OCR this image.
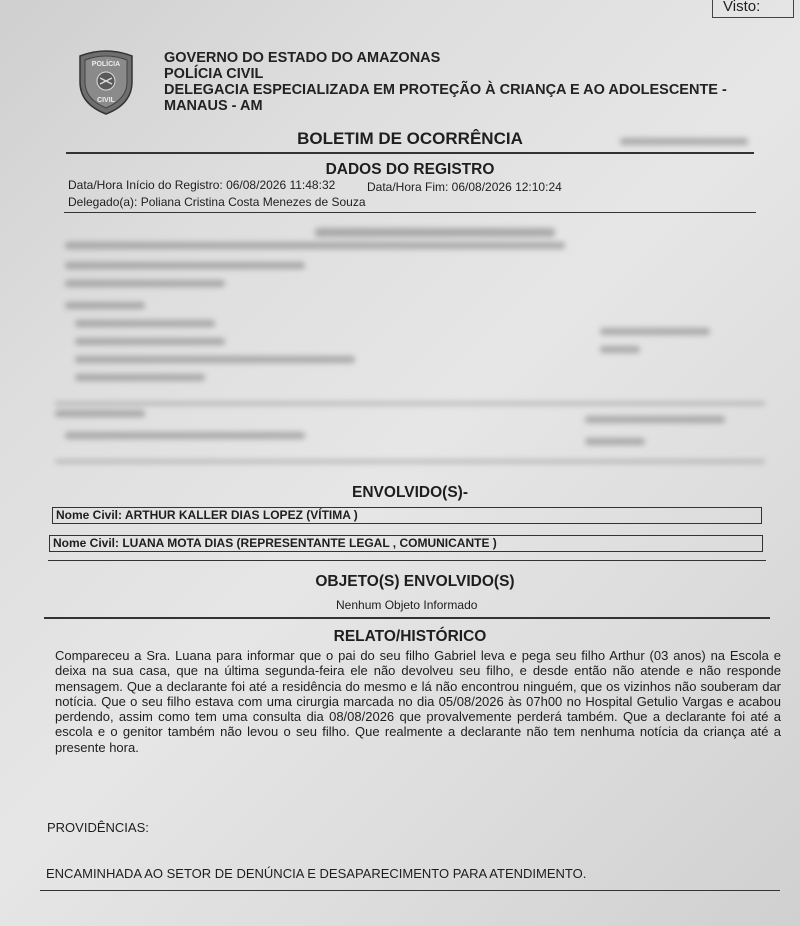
Visto:
POLÍCIA
CIVIL
GOVERNO DO ESTADO DO AMAZONAS
POLÍCIA CIVIL
DELEGACIA ESPECIALIZADA EM PROTEÇÃO À CRIANÇA E AO ADOLESCENTE -
MANAUS - AM
BOLETIM DE OCORRÊNCIA
DADOS DO REGISTRO
Data/Hora Início do Registro: 06/08/2026 11:48:32	Data/Hora Fim: 06/08/2026 12:10:24
Delegado(a): Poliana Cristina Costa Menezes de Souza
ENVOLVIDO(S)-
Nome Civil: ARTHUR KALLER DIAS LOPEZ (VÍTIMA )
Nome Civil: LUANA MOTA DIAS (REPRESENTANTE LEGAL , COMUNICANTE )
OBJETO(S) ENVOLVIDO(S)
Nenhum Objeto Informado
RELATO/HISTÓRICO
Compareceu a Sra. Luana para informar que o pai do seu filho Gabriel leva e pega seu filho Arthur (03 anos) na Escola e deixa na sua casa, que na última segunda-feira ele não devolveu seu filho, e desde então não atende e não responde mensagem. Que a declarante foi até a residência do mesmo e lá não encontrou ninguém, que os vizinhos não souberam dar notícia. Que o seu filho estava com uma cirurgia marcada no dia 05/08/2026 às 07h00 no Hospital Getulio Vargas e acabou perdendo, assim como tem uma consulta dia 08/08/2026 que provalvemente perderá também. Que a declarante foi até a escola e o genitor também não levou o seu filho. Que realmente a declarante não tem nenhuma notícia da criança até a presente hora.
PROVIDÊNCIAS:
ENCAMINHADA AO SETOR DE DENÚNCIA E DESAPARECIMENTO PARA ATENDIMENTO.
